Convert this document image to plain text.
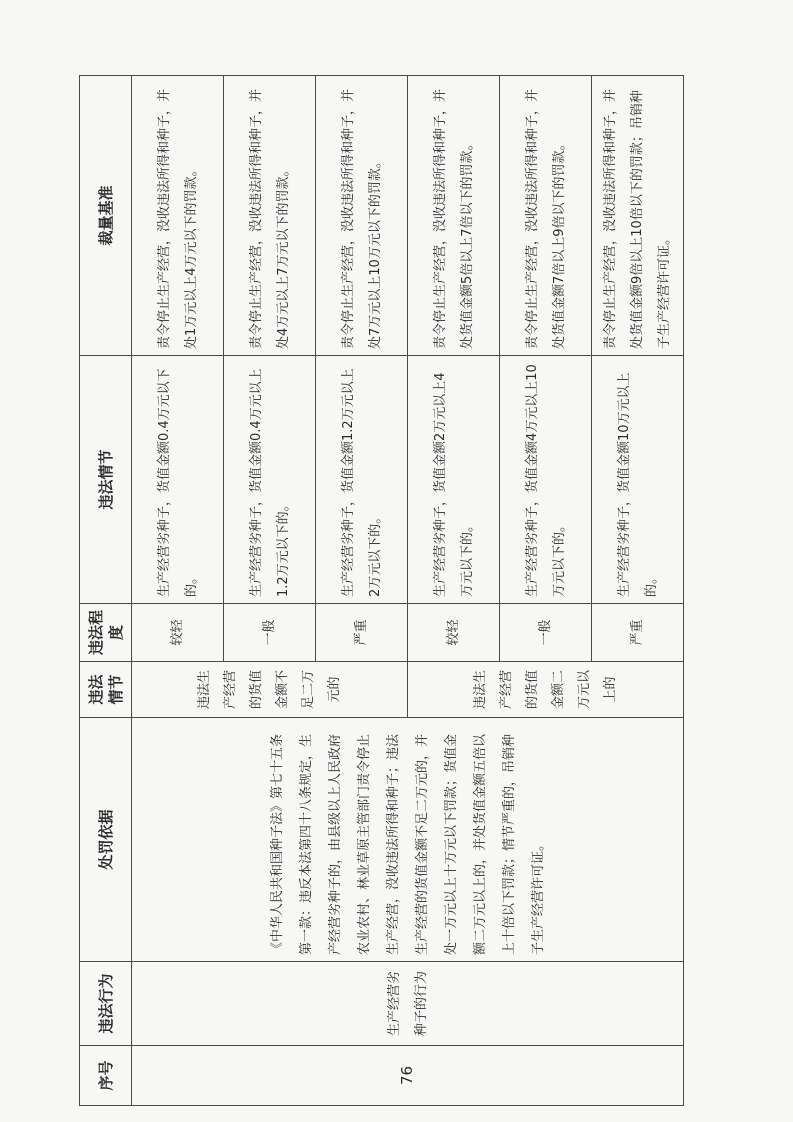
序号	违法行为	处罚依据	违法情节	违法程度	违法情节	裁量基准
76	生产经营劣种子的行为	《中华人民共和国种子法》第七十五条第一款：违反本法第四十八条规定，生产经营劣种子的，由县级以上人民政府农业农村、林业草原主管部门责令停止生产经营，没收违法所得和种子；违法生产经营的货值金额不足二万元的，并处一万元以上十万元以下罚款；货值金额二万元以上的，并处货值金额五倍以上十倍以下罚款；情节严重的，吊销种子生产经营许可证。	违法生产经营的货值金额不足二万元的	较轻	生产经营劣种子，货值金额0.4万元以下的。	责令停止生产经营，没收违法所得和种子，并处1万元以上4万元以下的罚款。
				一般	生产经营劣种子，货值金额0.4万元以上1.2万元以下的。	责令停止生产经营，没收违法所得和种子，并处4万元以上7万元以下的罚款。
				严重	生产经营劣种子，货值金额1.2万元以上2万元以下的。	责令停止生产经营，没收违法所得和种子，并处7万元以上10万元以下的罚款。
			违法生产经营的货值金额二万元以上的	较轻	生产经营劣种子，货值金额2万元以上4万元以下的。	责令停止生产经营，没收违法所得和种子，并处货值金额5倍以上7倍以下的罚款。
				一般	生产经营劣种子，货值金额4万元以上10万元以下的。	责令停止生产经营，没收违法所得和种子，并处货值金额7倍以上9倍以下的罚款。
				严重	生产经营劣种子，货值金额10万元以上的。	责令停止生产经营，没收违法所得和种子，并处货值金额9倍以上10倍以下的罚款；吊销种子生产经营许可证。
